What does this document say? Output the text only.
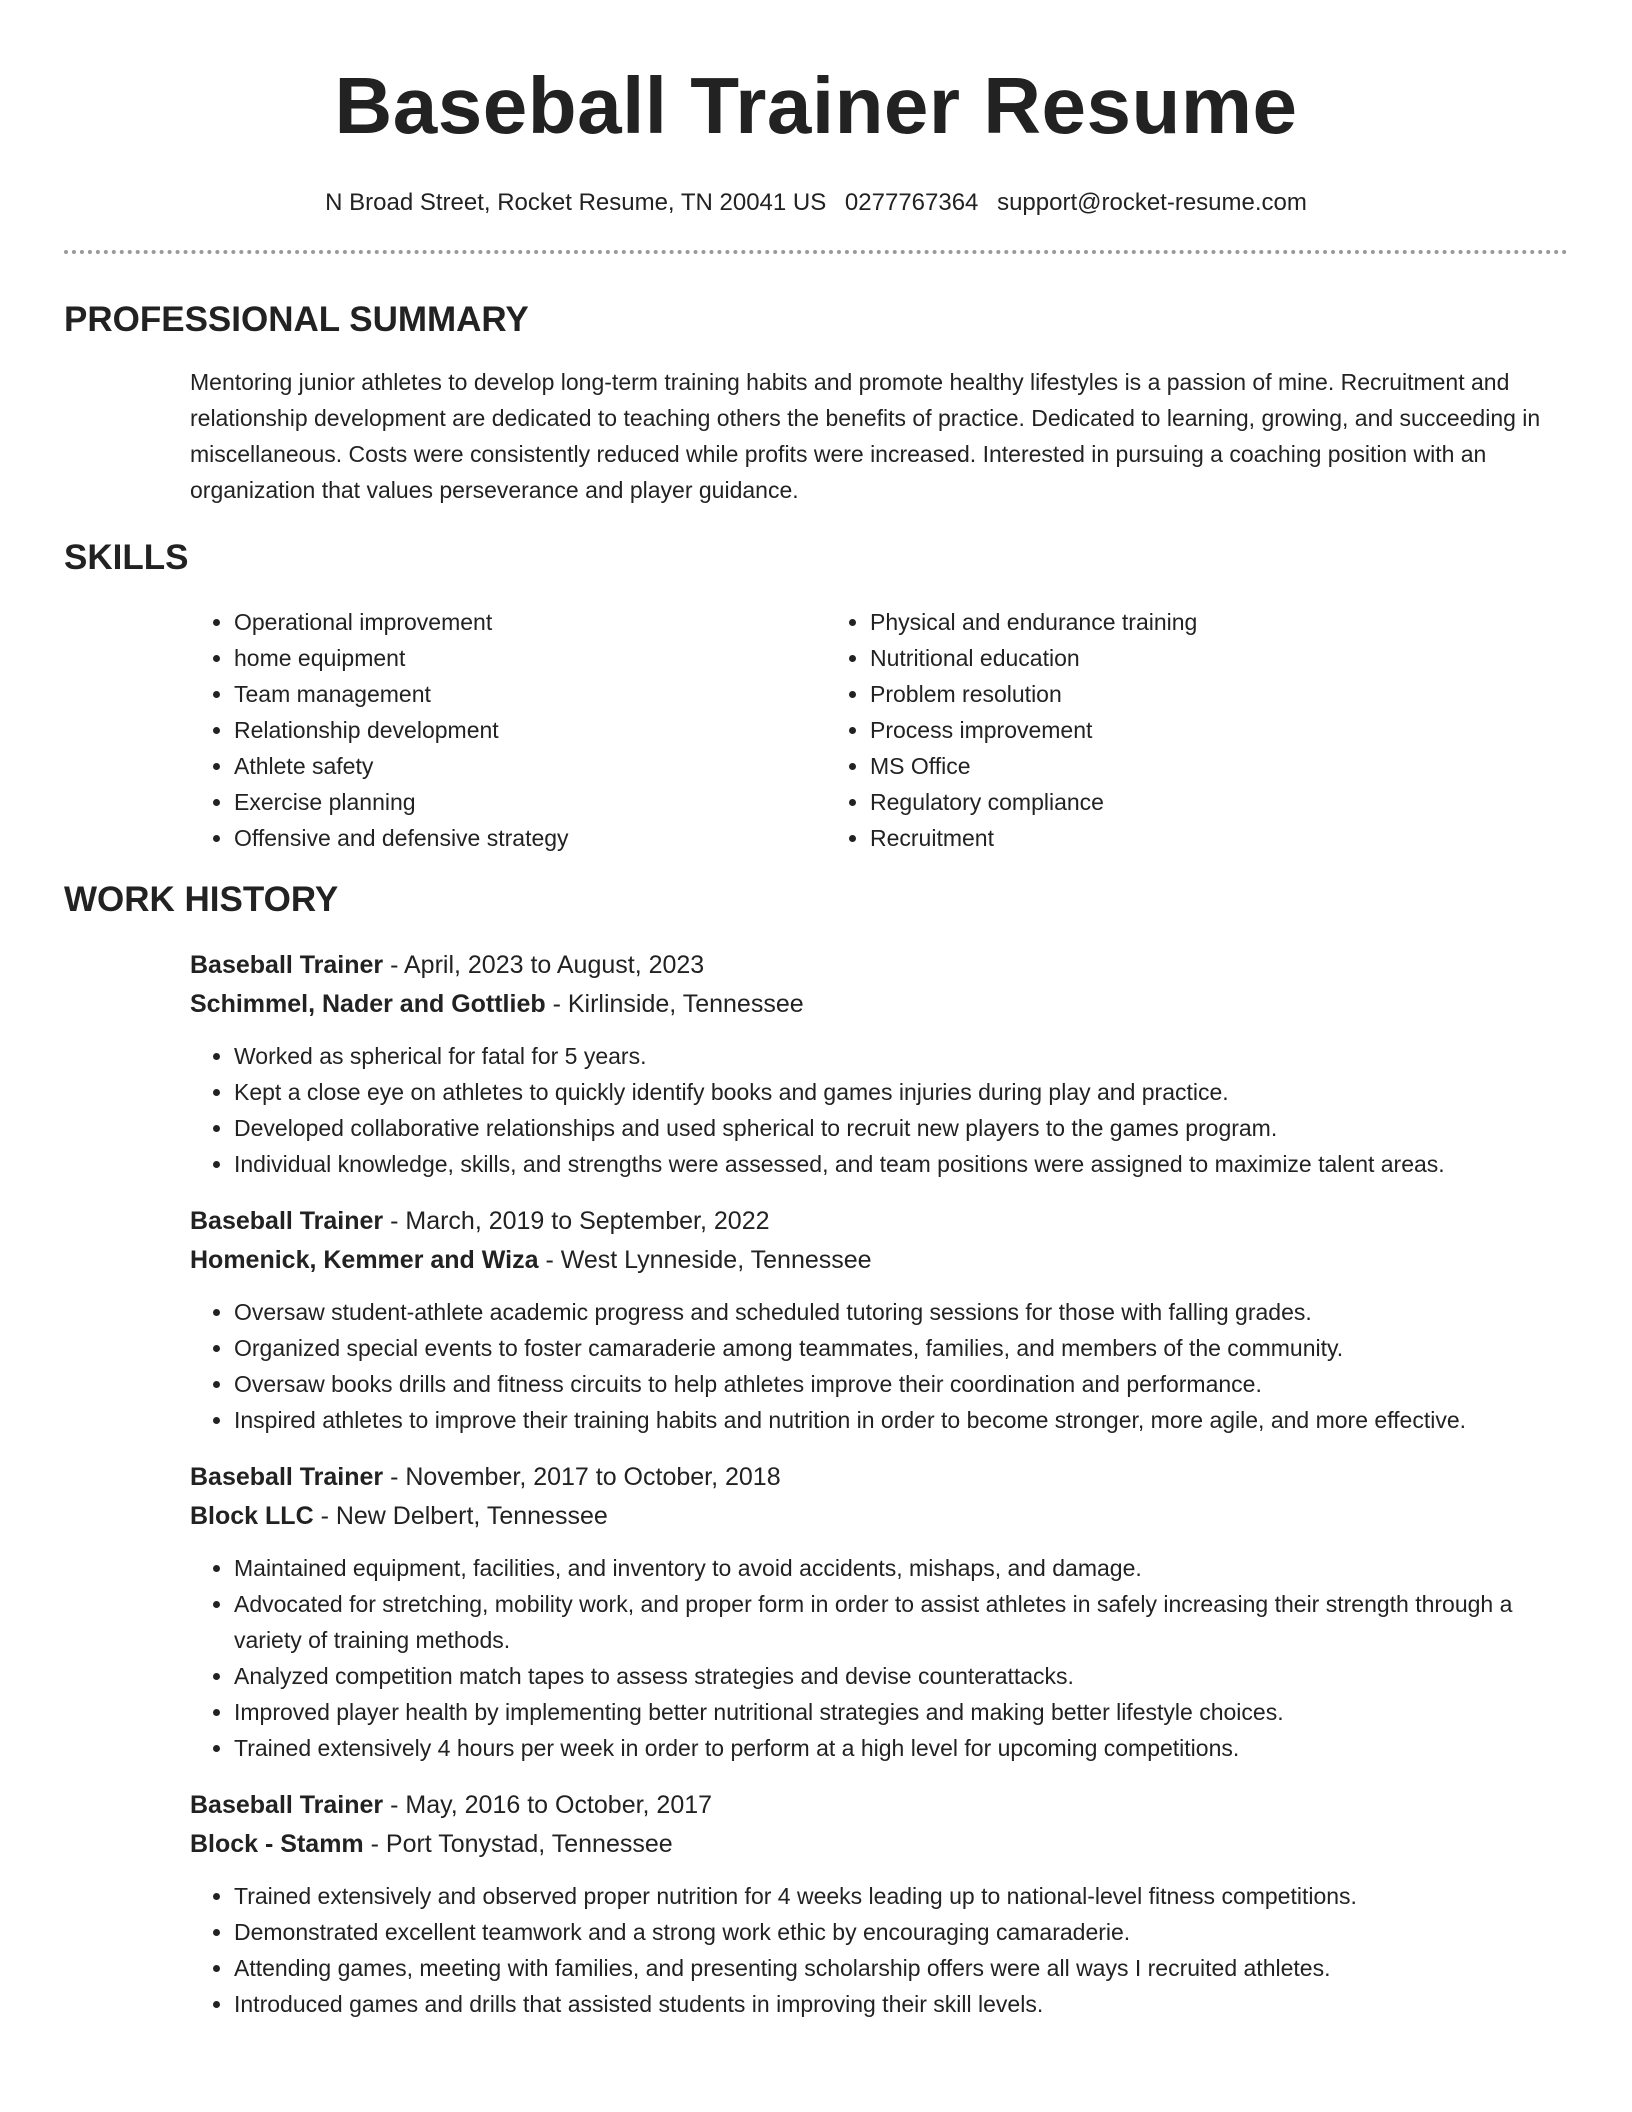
Baseball Trainer Resume
N Broad Street, Rocket Resume, TN 20041 US 0277767364 support@rocket-resume.com
PROFESSIONAL SUMMARY

Mentoring junior athletes to develop long-term training habits and promote healthy lifestyles is a passion of mine. Recruitment and relationship development are dedicated to teaching others the benefits of practice. Dedicated to learning, growing, and succeeding in miscellaneous. Costs were consistently reduced while profits were increased. Interested in pursuing a coaching position with an organization that values perseverance and player guidance.

SKILLS
• Operational improvement
• home equipment
• Team management
• Relationship development
• Athlete safety
• Exercise planning
• Offensive and defensive strategy
• Physical and endurance training
• Nutritional education
• Problem resolution
• Process improvement
• MS Office
• Regulatory compliance
• Recruitment
WORK HISTORY
Baseball Trainer - April, 2023 to August, 2023
Schimmel, Nader and Gottlieb - Kirlinside, Tennessee
• Worked as spherical for fatal for 5 years.
• Kept a close eye on athletes to quickly identify books and games injuries during play and practice.
• Developed collaborative relationships and used spherical to recruit new players to the games program.
• Individual knowledge, skills, and strengths were assessed, and team positions were assigned to maximize talent areas.
Baseball Trainer - March, 2019 to September, 2022
Homenick, Kemmer and Wiza - West Lynneside, Tennessee
• Oversaw student-athlete academic progress and scheduled tutoring sessions for those with falling grades.
• Organized special events to foster camaraderie among teammates, families, and members of the community.
• Oversaw books drills and fitness circuits to help athletes improve their coordination and performance.
• Inspired athletes to improve their training habits and nutrition in order to become stronger, more agile, and more effective.
Baseball Trainer - November, 2017 to October, 2018
Block LLC - New Delbert, Tennessee
• Maintained equipment, facilities, and inventory to avoid accidents, mishaps, and damage.
• Advocated for stretching, mobility work, and proper form in order to assist athletes in safely increasing their strength through a variety of training methods.
• Analyzed competition match tapes to assess strategies and devise counterattacks.
• Improved player health by implementing better nutritional strategies and making better lifestyle choices.
• Trained extensively 4 hours per week in order to perform at a high level for upcoming competitions.
Baseball Trainer - May, 2016 to October, 2017
Block - Stamm - Port Tonystad, Tennessee
• Trained extensively and observed proper nutrition for 4 weeks leading up to national-level fitness competitions.
• Demonstrated excellent teamwork and a strong work ethic by encouraging camaraderie.
• Attending games, meeting with families, and presenting scholarship offers were all ways I recruited athletes.
• Introduced games and drills that assisted students in improving their skill levels.
